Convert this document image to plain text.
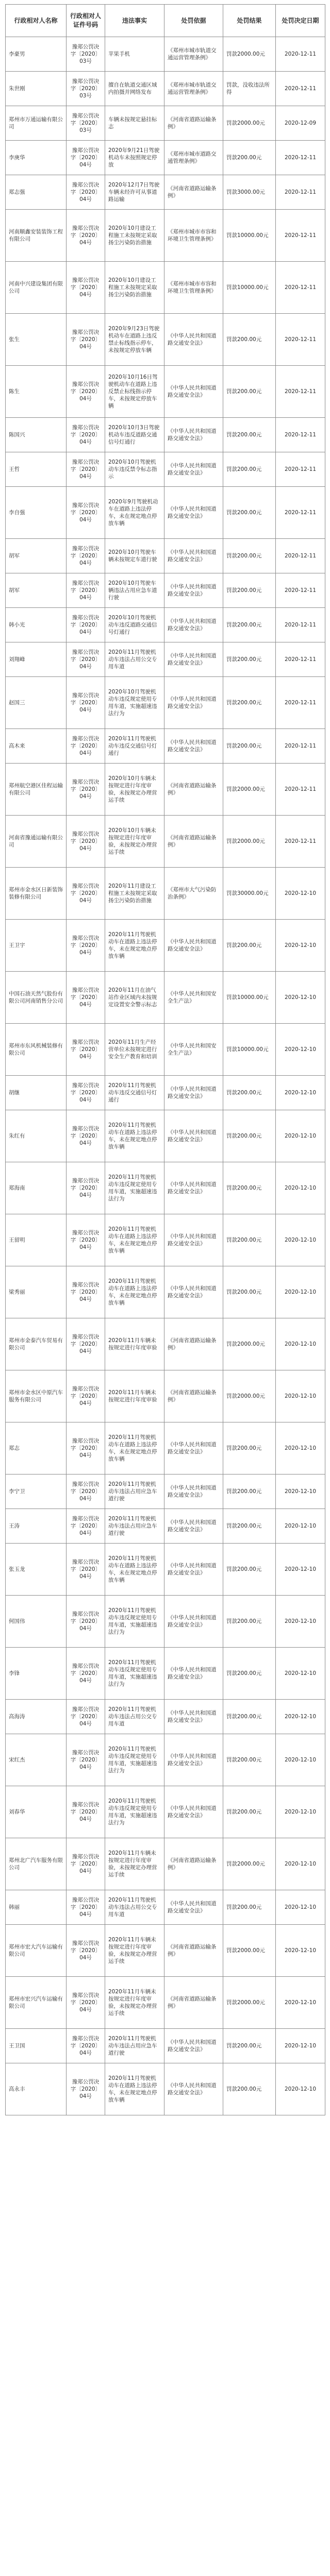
行政相对人名称	行政相对人证件号码	违法事实	处罚依据	处罚结果	处罚决定日期
李豪男	豫郑公罚决字〔2020〕03号	苹果手机	《郑州市城市轨道交通运营管理条例》	罚款2000.00元	2020-12-11
朱世刚	豫郑公罚决字〔2020〕03号	擅自在轨道交通区域内拍摄并网络发布	《郑州市城市轨道交通运营管理条例》	罚款，没收违法所得	2020-12-11
郑州市万通运输有限公司	豫郑公罚决字〔2020〕03号	车辆未按规定悬挂标志	《河南省道路运输条例》	罚款2000.00元	2020-12-09
李庚华	豫郑公罚决字〔2020〕04号	2020年9月21日驾驶机动车未按照规定停放	《郑州市城市道路交通管理条例》	罚款200.00元	2020-12-11
郑志强	豫郑公罚决字〔2020〕04号	2020年12月7日驾驶车辆未经许可从事道路运输	《河南省道路运输条例》	罚款3000.00元	2020-12-11
河南顺鑫安装装饰工程有限公司	豫郑公罚决字〔2020〕04号	2020年10月建设工程施工未按规定采取扬尘污染防治措施	《郑州市城市市容和环境卫生管理条例》	罚款10000.00元	2020-12-11
河南中兴建设集团有限公司	豫郑公罚决字〔2020〕04号	2020年10月建设工程施工未按规定采取扬尘污染防治措施	《郑州市城市市容和环境卫生管理条例》	罚款10000.00元	2020-12-11
张生	豫郑公罚决字〔2020〕04号	2020年9月23日驾驶机动车在道路上违反禁止标线指示停车，未按规定停放车辆	《中华人民共和国道路交通安全法》	罚款200.00元	2020-12-11
陈生	豫郑公罚决字〔2020〕04号	2020年10月16日驾驶机动车在道路上违反禁止标线指示停车，未按规定停放车辆	《中华人民共和国道路交通安全法》	罚款200.00元	2020-12-11
陈国兴	豫郑公罚决字〔2020〕04号	2020年10月3日驾驶机动车违反道路交通信号灯通行	《中华人民共和国道路交通安全法》	罚款200.00元	2020-12-11
王哲	豫郑公罚决字〔2020〕04号	2020年10月驾驶机动车违反禁令标志指示	《中华人民共和国道路交通安全法》	罚款200.00元	2020-12-11
李自强	豫郑公罚决字〔2020〕04号	2020年9月驾驶机动车在道路上违法停车，未在规定地点停放车辆	《中华人民共和国道路交通安全法》	罚款200.00元	2020-12-11
胡军	豫郑公罚决字〔2020〕04号	2020年10月驾驶车辆未按规定车道行驶	《中华人民共和国道路交通安全法》	罚款200.00元	2020-12-11
胡军	豫郑公罚决字〔2020〕04号	2020年10月驾驶车辆违法占用应急车道行驶	《中华人民共和国道路交通安全法》	罚款200.00元	2020-12-11
韩小光	豫郑公罚决字〔2020〕04号	2020年10月驾驶机动车违反道路交通信号灯通行	《中华人民共和国道路交通安全法》	罚款200.00元	2020-12-11
刘翔峰	豫郑公罚决字〔2020〕04号	2020年11月驾驶机动车违法占用公交专用车道	《中华人民共和国道路交通安全法》	罚款200.00元	2020-12-11
赵国三	豫郑公罚决字〔2020〕04号	2020年10月驾驶机动车违反规定使用专用车道，实施超速违法行为	《中华人民共和国道路交通安全法》	罚款200.00元	2020-12-11
高木来	豫郑公罚决字〔2020〕04号	2020年11月驾驶机动车违反交通信号灯通行	《中华人民共和国道路交通安全法》	罚款200.00元	2020-12-11
郑州航空港区佳程运输有限公司	豫郑公罚决字〔2020〕04号	2020年10月车辆未按规定进行年度审验，未按规定办理营运手续	《河南省道路运输条例》	罚款2000.00元	2020-12-11
河南省豫通运输有限公司	豫郑公罚决字〔2020〕04号	2020年10月车辆未按规定进行年度审验，未按规定办理营运手续	《河南省道路运输条例》	罚款2000.00元	2020-12-11
郑州市金水区日新装饰装修有限公司	豫郑公罚决字〔2020〕04号	2020年11月建设工程施工未按规定采取扬尘污染防治措施	《郑州市大气污染防治条例》	罚款30000.00元	2020-12-10
王卫宇	豫郑公罚决字〔2020〕04号	2020年11月驾驶机动车在道路上违法停车，未在规定地点停放车辆	《中华人民共和国道路交通安全法》	罚款200.00元	2020-12-10
中国石油天然气股份有限公司河南销售分公司	豫郑公罚决字〔2020〕04号	2020年11月在油气站作业区域内未按规定设置安全警示标志	《中华人民共和国安全生产法》	罚款10000.00元	2020-12-10
郑州市东风机械装修有限公司	豫郑公罚决字〔2020〕04号	2020年11月生产经营单位未按规定进行安全生产教育和培训	《中华人民共和国安全生产法》	罚款10000.00元	2020-12-10
胡继	豫郑公罚决字〔2020〕04号	2020年11月驾驶机动车违反交通信号灯通行	《中华人民共和国道路交通安全法》	罚款200.00元	2020-12-10
朱红有	豫郑公罚决字〔2020〕04号	2020年11月驾驶机动车在道路上违法停车，未在规定地点停放车辆	《中华人民共和国道路交通安全法》	罚款200.00元	2020-12-10
郑海南	豫郑公罚决字〔2020〕04号	2020年11月驾驶机动车违反规定使用专用车道，实施超速违法行为	《中华人民共和国道路交通安全法》	罚款200.00元	2020-12-10
王留明	豫郑公罚决字〔2020〕04号	2020年11月驾驶机动车在道路上违法停车，未在规定地点停放车辆	《中华人民共和国道路交通安全法》	罚款200.00元	2020-12-10
梁秀丽	豫郑公罚决字〔2020〕04号	2020年11月驾驶机动车在道路上违法停车，未在规定地点停放车辆	《中华人民共和国道路交通安全法》	罚款200.00元	2020-12-10
郑州市金泰汽车贸易有限公司	豫郑公罚决字〔2020〕04号	2020年11月车辆未按规定进行年度审验	《河南省道路运输条例》	罚款2000.00元	2020-12-10
郑州市金水区中原汽车服务有限公司	豫郑公罚决字〔2020〕04号	2020年11月车辆未按规定进行年度审验	《河南省道路运输条例》	罚款2000.00元	2020-12-10
郑志	豫郑公罚决字〔2020〕04号	2020年11月驾驶机动车在道路上违法停车，未在规定地点停放车辆	《中华人民共和国道路交通安全法》	罚款200.00元	2020-12-10
李宁卫	豫郑公罚决字〔2020〕04号	2020年11月驾驶机动车违法占用应急车道行驶	《中华人民共和国道路交通安全法》	罚款200.00元	2020-12-10
王涛	豫郑公罚决字〔2020〕04号	2020年11月驾驶机动车违法占用应急车道行驶	《中华人民共和国道路交通安全法》	罚款200.00元	2020-12-10
张玉龙	豫郑公罚决字〔2020〕04号	2020年11月驾驶机动车在道路上违法停车，未在规定地点停放车辆	《中华人民共和国道路交通安全法》	罚款200.00元	2020-12-10
何国伟	豫郑公罚决字〔2020〕04号	2020年11月驾驶机动车违反规定使用专用车道，实施超速违法行为	《中华人民共和国道路交通安全法》	罚款200.00元	2020-12-10
李锋	豫郑公罚决字〔2020〕04号	2020年11月驾驶机动车违反规定使用专用车道，实施超速违法行为	《中华人民共和国道路交通安全法》	罚款200.00元	2020-12-10
高海涛	豫郑公罚决字〔2020〕04号	2020年11月驾驶机动车违法占用公交专用车道	《中华人民共和国道路交通安全法》	罚款200.00元	2020-12-10
宋红杰	豫郑公罚决字〔2020〕04号	2020年11月驾驶机动车违反规定使用专用车道，实施超速违法行为	《中华人民共和国道路交通安全法》	罚款200.00元	2020-12-10
刘春华	豫郑公罚决字〔2020〕04号	2020年11月驾驶机动车违反规定使用专用车道，实施超速违法行为	《中华人民共和国道路交通安全法》	罚款200.00元	2020-12-10
郑州北广汽车服务有限公司	豫郑公罚决字〔2020〕04号	2020年11月车辆未按规定进行年度审验，未按规定办理营运手续	《河南省道路运输条例》	罚款2000.00元	2020-12-10
韩丽	豫郑公罚决字〔2020〕04号	2020年11月驾驶机动车违法占用公交专用车道	《中华人民共和国道路交通安全法》	罚款200.00元	2020-12-10
郑州市宏大汽车运输有限公司	豫郑公罚决字〔2020〕04号	2020年11月车辆未按规定进行年度审验，未按规定办理营运手续	《河南省道路运输条例》	罚款2000.00元	2020-12-10
郑州市宏兴汽车运输有限公司	豫郑公罚决字〔2020〕04号	2020年11月车辆未按规定进行年度审验，未按规定办理营运手续	《河南省道路运输条例》	罚款2000.00元	2020-12-10
王卫国	豫郑公罚决字〔2020〕04号	2020年11月驾驶机动车违法占用应急车道行驶	《中华人民共和国道路交通安全法》	罚款200.00元	2020-12-10
高永丰	豫郑公罚决字〔2020〕04号	2020年11月驾驶机动车在道路上违法停车，未在规定地点停放车辆	《中华人民共和国道路交通安全法》	罚款200.00元	2020-12-10
